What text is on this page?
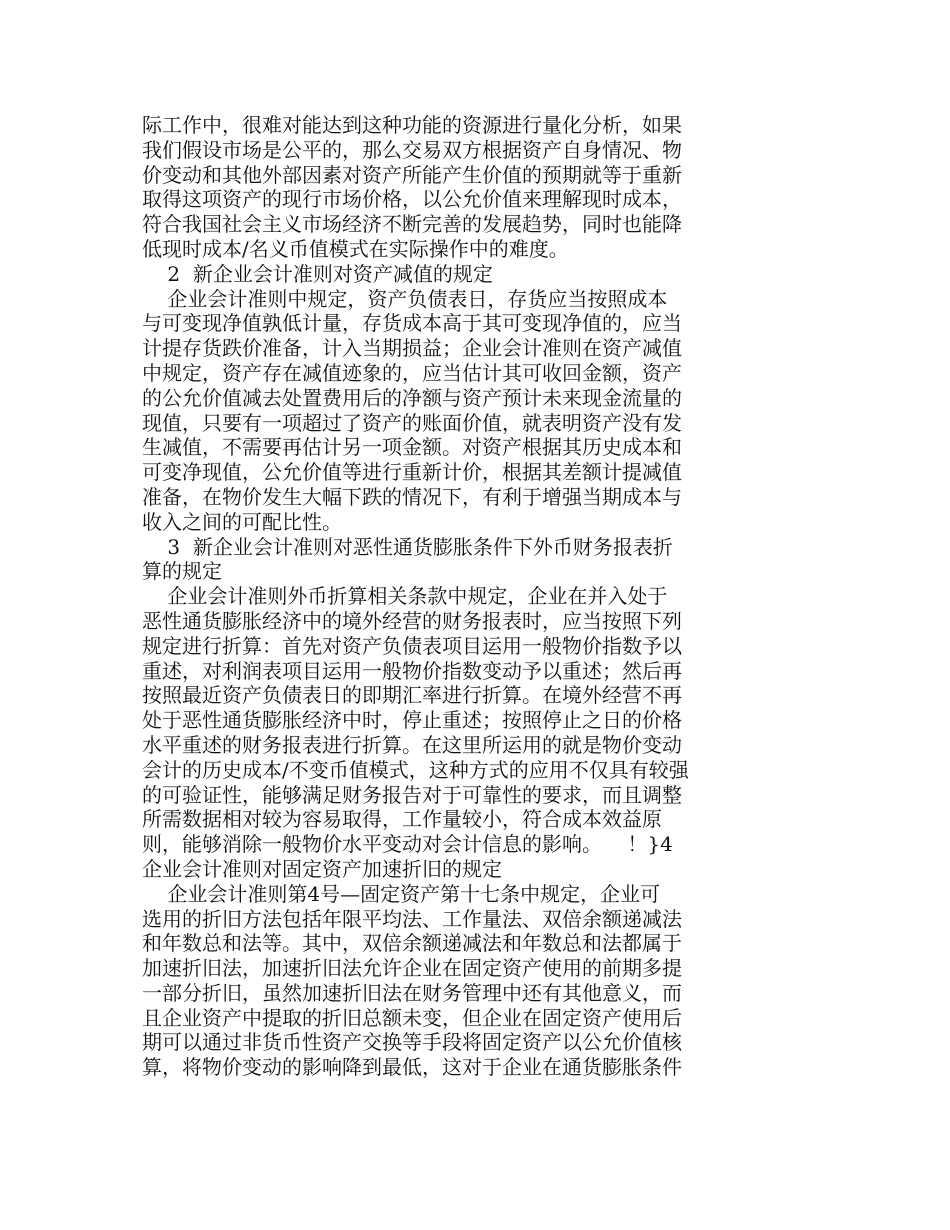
际工作中，很难对能达到这种功能的资源进行量化分析，如果
我们假设市场是公平的，那么交易双方根据资产自身情况、物
价变动和其他外部因素对资产所能产生价值的预期就等于重新
取得这项资产的现行市场价格，以公允价值来理解现时成本，
符合我国社会主义市场经济不断完善的发展趋势，同时也能降
低现时成本/名义币值模式在实际操作中的难度。
2  新企业会计准则对资产减值的规定
企业会计准则中规定，资产负债表日，存货应当按照成本
与可变现净值孰低计量，存货成本高于其可变现净值的，应当
计提存货跌价准备，计入当期损益；企业会计准则在资产减值
中规定，资产存在减值迹象的，应当估计其可收回金额，资产
的公允价值减去处置费用后的净额与资产预计未来现金流量的
现值，只要有一项超过了资产的账面价值，就表明资产没有发
生减值，不需要再估计另一项金额。对资产根据其历史成本和
可变净现值，公允价值等进行重新计价，根据其差额计提减值
准备，在物价发生大幅下跌的情况下，有利于增强当期成本与
收入之间的可配比性。
3  新企业会计准则对恶性通货膨胀条件下外币财务报表折
算的规定
企业会计准则外币折算相关条款中规定，企业在并入处于
恶性通货膨胀经济中的境外经营的财务报表时，应当按照下列
规定进行折算：首先对资产负债表项目运用一般物价指数予以
重述，对利润表项目运用一般物价指数变动予以重述；然后再
按照最近资产负债表日的即期汇率进行折算。在境外经营不再
处于恶性通货膨胀经济中时，停止重述；按照停止之日的价格
水平重述的财务报表进行折算。在这里所运用的就是物价变动
会计的历史成本/不变币值模式，这种方式的应用不仅具有较强
的可验证性，能够满足财务报告对于可靠性的要求，而且调整
所需数据相对较为容易取得，工作量较小，符合成本效益原
则，能够消除一般物价水平变动对会计信息的影响。    ！}4
企业会计准则对固定资产加速折旧的规定
企业会计准则第4号—固定资产第十七条中规定，企业可
选用的折旧方法包括年限平均法、工作量法、双倍余额递减法
和年数总和法等。其中，双倍余额递减法和年数总和法都属于
加速折旧法，加速折旧法允许企业在固定资产使用的前期多提
一部分折旧，虽然加速折旧法在财务管理中还有其他意义，而
且企业资产中提取的折旧总额未变，但企业在固定资产使用后
期可以通过非货币性资产交换等手段将固定资产以公允价值核
算，将物价变动的影响降到最低，这对于企业在通货膨胀条件
